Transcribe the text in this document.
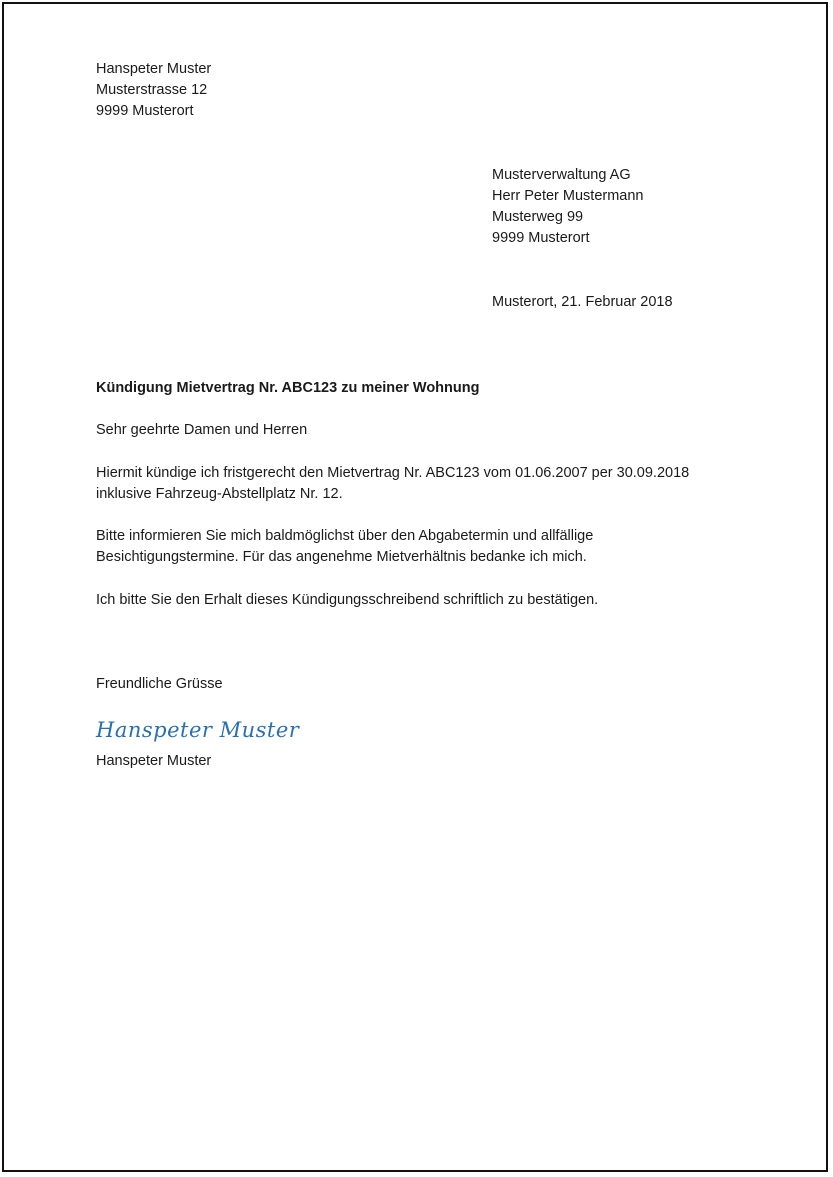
Hanspeter Muster
Musterstrasse 12
9999 Musterort
Musterverwaltung AG
Herr Peter Mustermann
Musterweg 99
9999 Musterort
Musterort, 21. Februar 2018
Kündigung Mietvertrag Nr. ABC123 zu meiner Wohnung
Sehr geehrte Damen und Herren
Hiermit kündige ich fristgerecht den Mietvertrag Nr. ABC123 vom 01.06.2007 per 30.09.2018
inklusive Fahrzeug-Abstellplatz Nr. 12.
Bitte informieren Sie mich baldmöglichst über den Abgabetermin und allfällige
Besichtigungstermine. Für das angenehme Mietverhältnis bedanke ich mich.
Ich bitte Sie den Erhalt dieses Kündigungsschreibend schriftlich zu bestätigen.
Freundliche Grüsse
Hanspeter Muster
Hanspeter Muster
